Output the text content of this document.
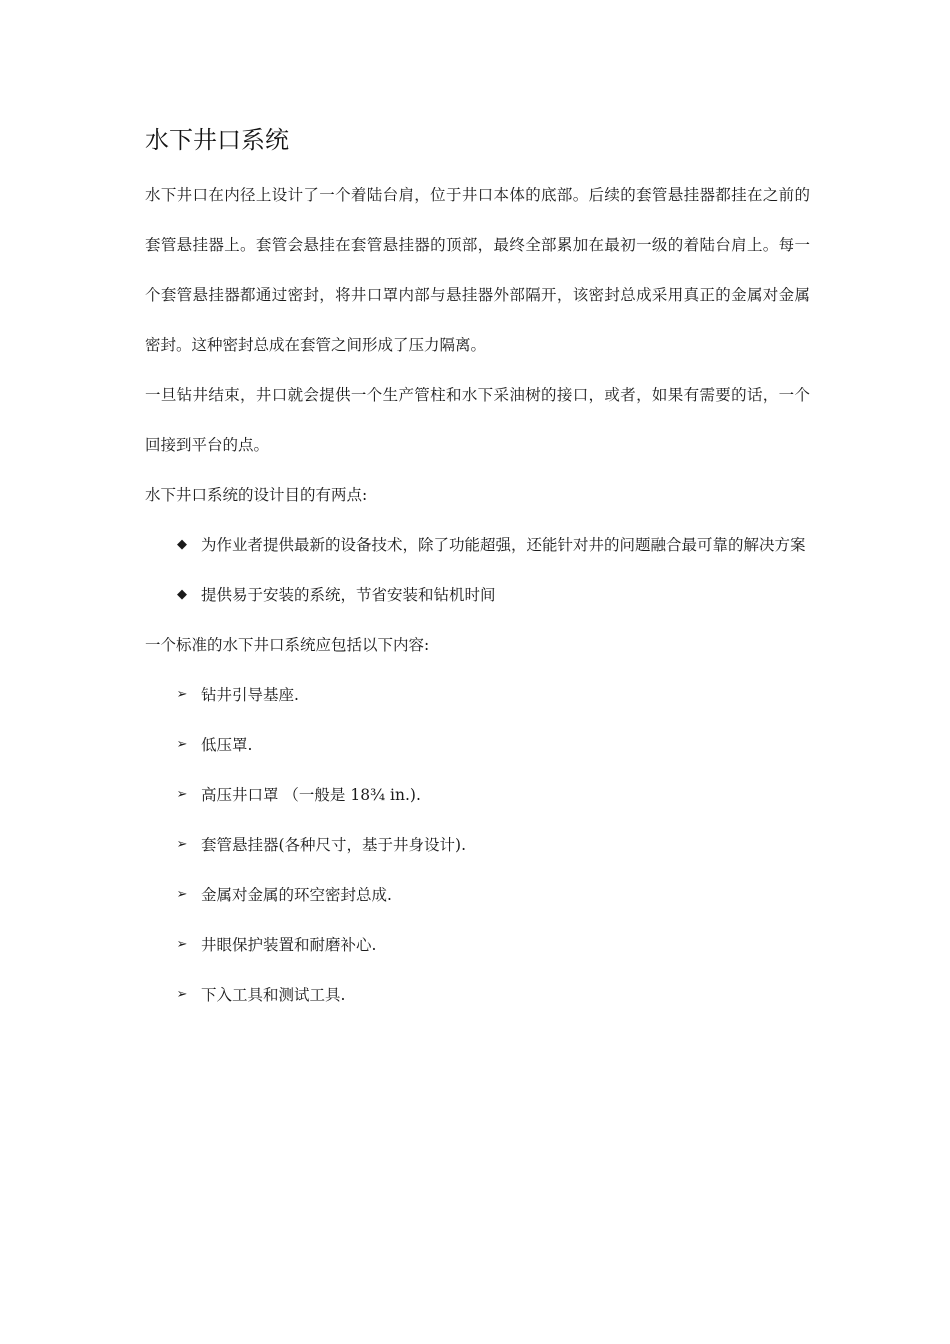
水下井口系统

水下井口在内径上设计了一个着陆台肩，位于井口本体的底部。后续的套管悬挂器都挂在之前的套管悬挂器上。套管会悬挂在套管悬挂器的顶部，最终全部累加在最初一级的着陆台肩上。每一个套管悬挂器都通过密封，将井口罩内部与悬挂器外部隔开，该密封总成采用真正的金属对金属密封。这种密封总成在套管之间形成了压力隔离。

一旦钻井结束，井口就会提供一个生产管柱和水下采油树的接口，或者，如果有需要的话，一个回接到平台的点。

水下井口系统的设计目的有两点:

◆ 为作业者提供最新的设备技术，除了功能超强，还能针对井的问题融合最可靠的解决方案
◆ 提供易于安装的系统，节省安装和钻机时间

一个标准的水下井口系统应包括以下内容:

➢ 钻井引导基座.
➢ 低压罩.
➢ 高压井口罩 （一般是 18¾ in.).
➢ 套管悬挂器(各种尺寸，基于井身设计).
➢ 金属对金属的环空密封总成.
➢ 井眼保护装置和耐磨补心.
➢ 下入工具和测试工具.
